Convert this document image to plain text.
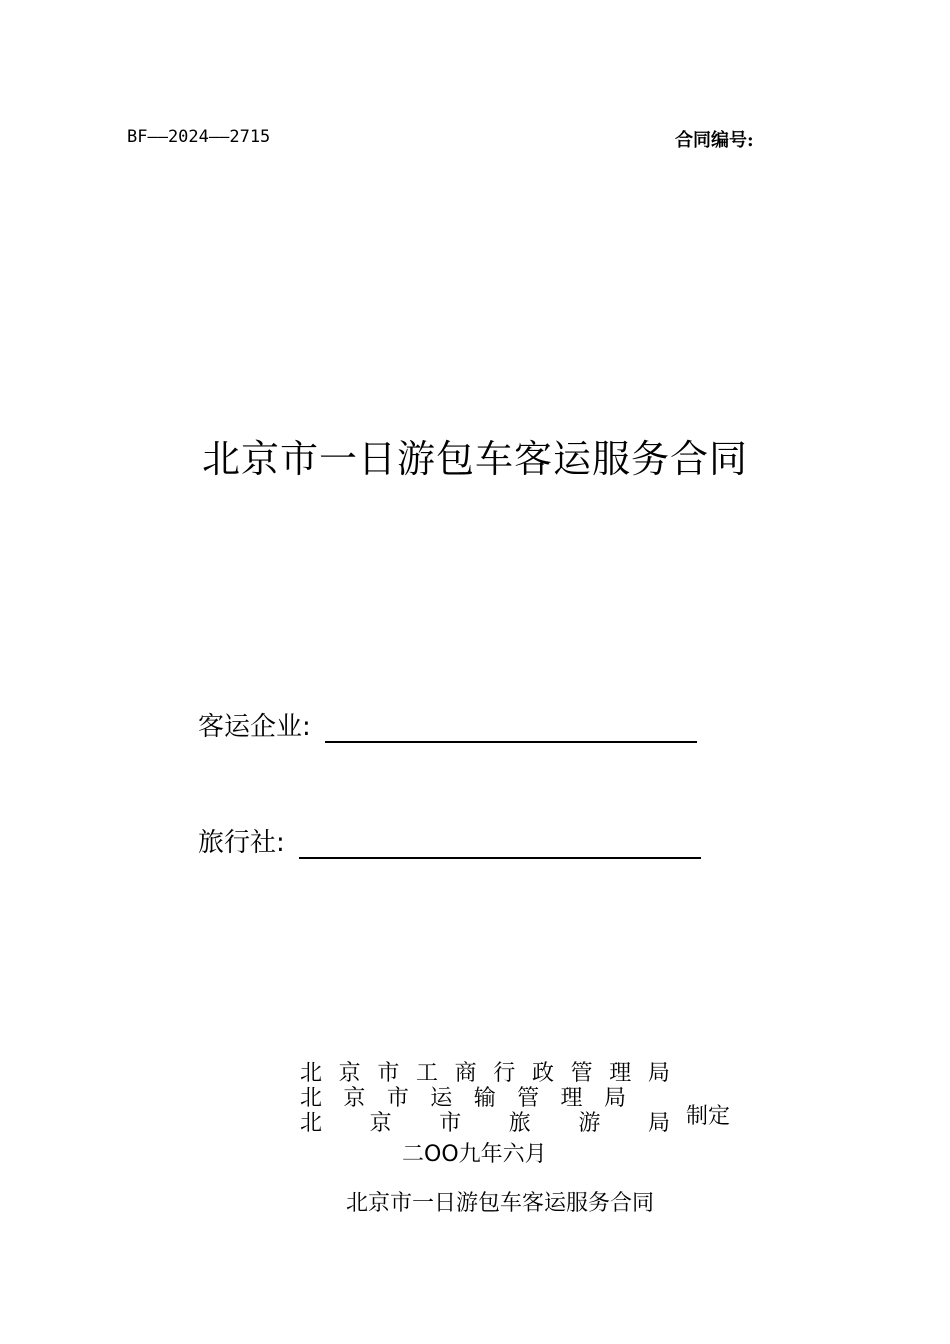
BF——2024——2715	合同编号:
北京市一日游包车客运服务合同
客运企业:
旅行社:
北 京 市 工 商 行 政 管 理 局
北 京 市 运 输 管 理 局
北 京 市 旅 游 局 制定
二OO九年六月
北京市一日游包车客运服务合同
